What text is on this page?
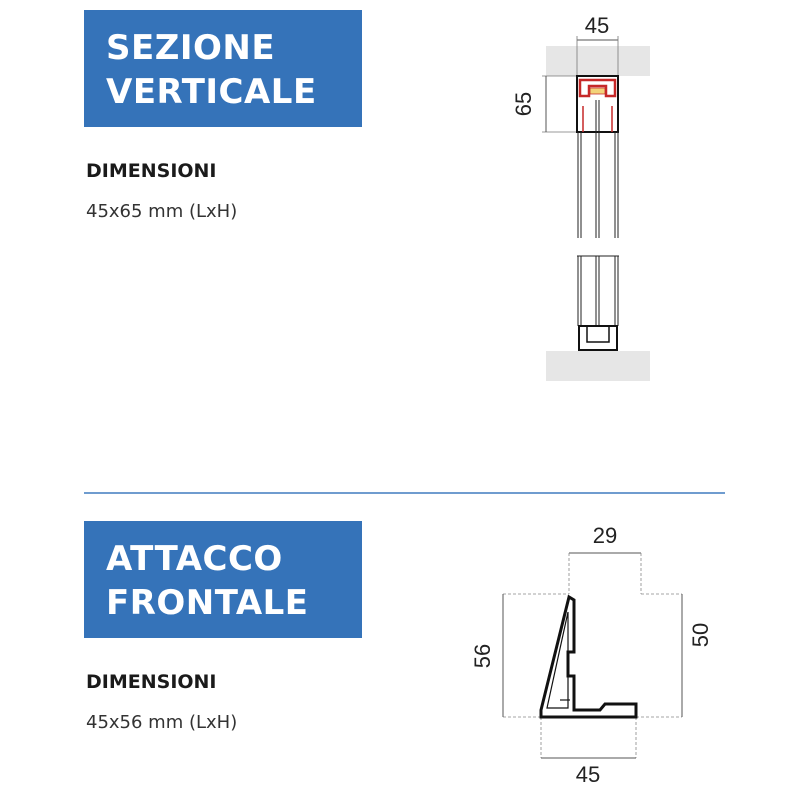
SEZIONE
VERTICALE
DIMENSIONI
45x65 mm (LxH)
ATTACCO
FRONTALE
DIMENSIONI
45x56 mm (LxH)
45
65
29
50
56
45
